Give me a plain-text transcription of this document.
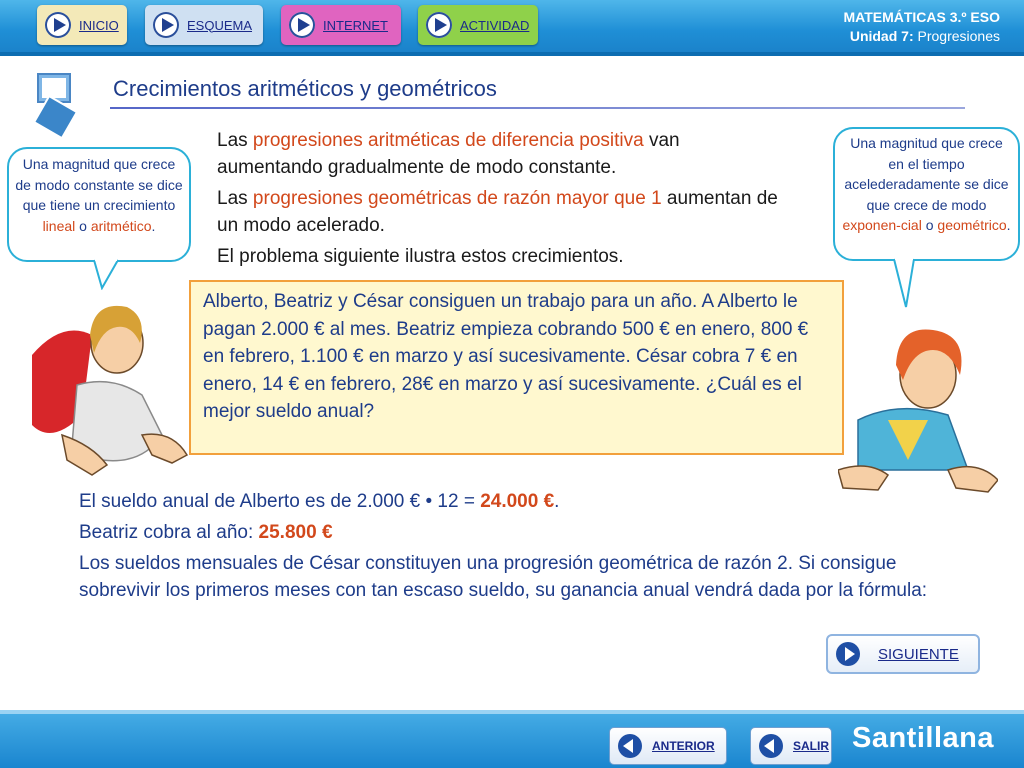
INICIO	ESQUEMA	INTERNET	ACTIVIDAD	MATEMÁTICAS 3.º ESO
Unidad 7: Progresiones
Crecimientos aritméticos y geométricos

Las progresiones aritméticas de diferencia positiva van aumentando gradualmente de modo constante.

Las progresiones geométricas de razón mayor que 1 aumentan de un modo acelerado.

El problema siguiente ilustra estos crecimientos.

Una magnitud que crece de modo constante se dice que tiene un crecimiento lineal o aritmético.
Una magnitud que crece en el tiempo acelederadamente se dice que crece de modo exponen-cial o geométrico.
Alberto, Beatriz y César consiguen un trabajo para un año. A Alberto le pagan 2.000 € al mes. Beatriz empieza cobrando 500 € en enero, 800 € en febrero, 1.100 € en marzo y así sucesivamente. César cobra 7 € en enero, 14 € en febrero, 28€ en marzo y así sucesivamente. ¿Cuál es el mejor sueldo anual?
El sueldo anual de Alberto es de 2.000 € • 12 = 24.000 €.
Beatriz cobra al año: 25.800 €
Los sueldos mensuales de César constituyen una progresión geométrica de razón 2. Si consigue sobrevivir los primeros meses con tan escaso sueldo, su ganancia anual vendrá dada por la fórmula:
SIGUIENTE
ANTERIOR	SALIR Santillana
